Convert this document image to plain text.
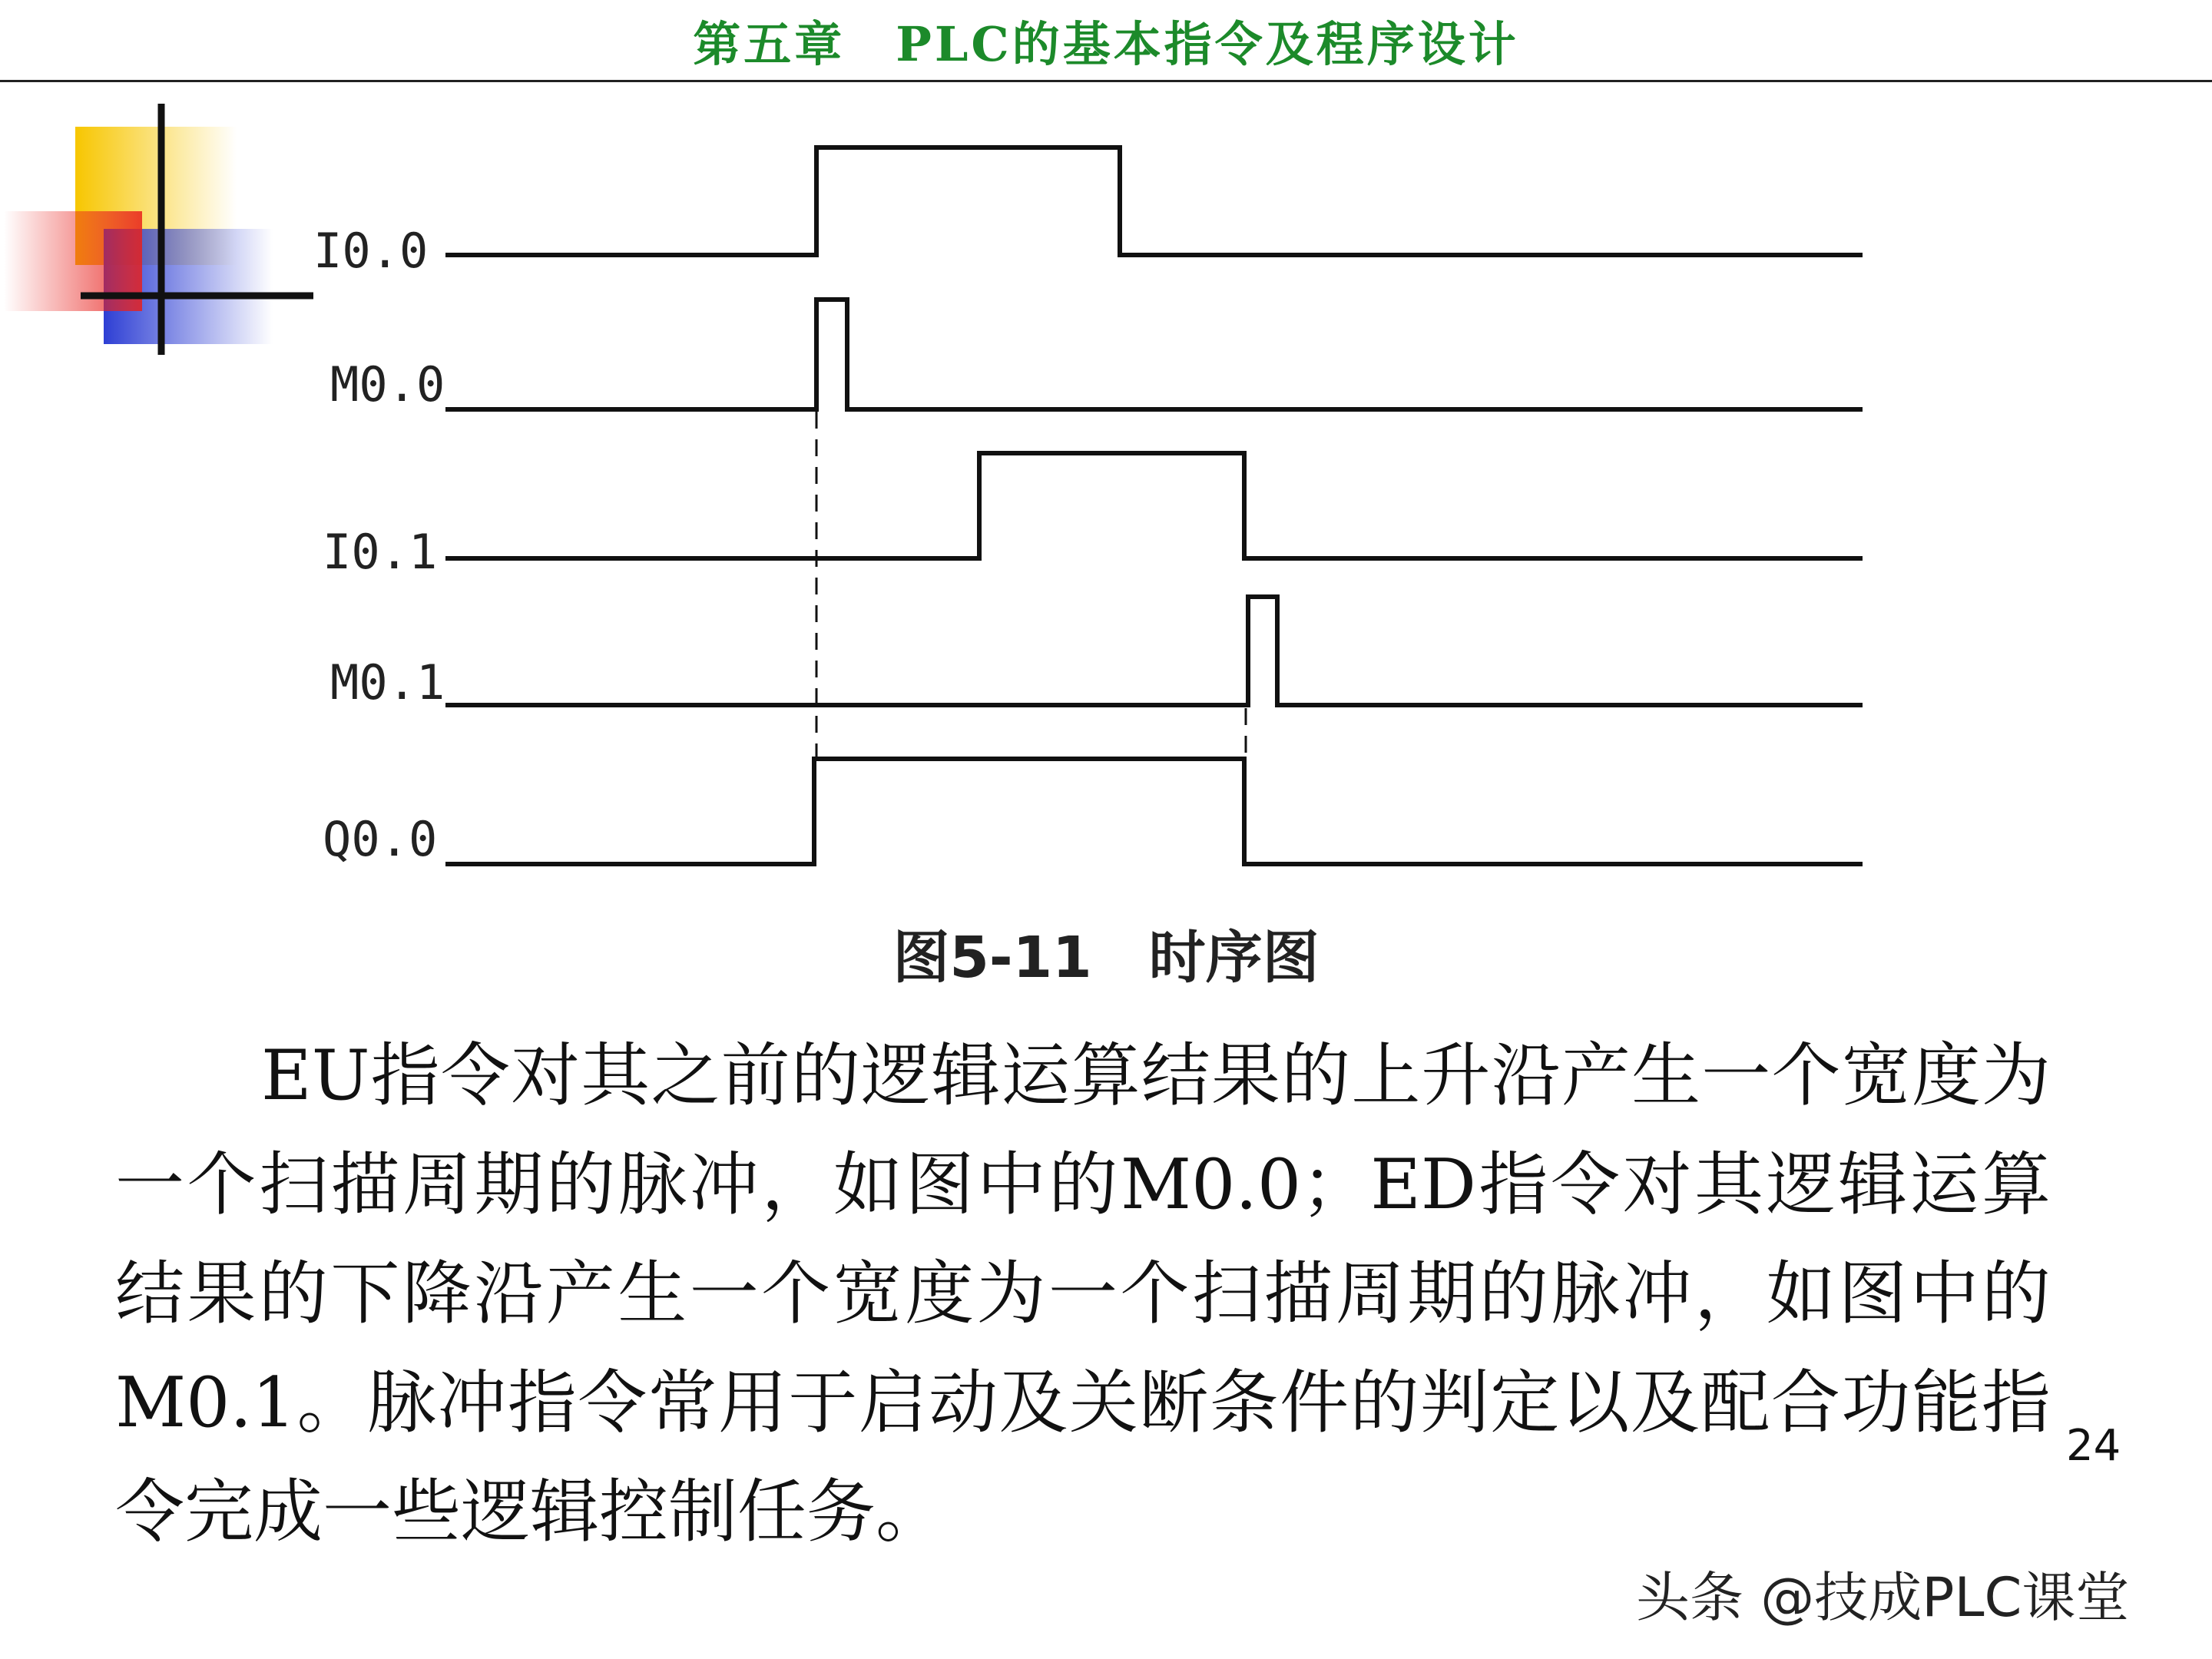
第五章　PLC的基本指令及程序设计
I0.0
M0.0
I0.1
M0.1
Q0.0
图5-11　时序图

EU指令对其之前的逻辑运算结果的上升沿产生一个宽度为一个扫描周期的脉冲，如图中的M0.0；ED指令对其逻辑运算结果的下降沿产生一个宽度为一个扫描周期的脉冲，如图中的M0.1。脉冲指令常用于启动及关断条件的判定以及配合功能指令完成一些逻辑控制任务。

24
头条 @技成PLC课堂
